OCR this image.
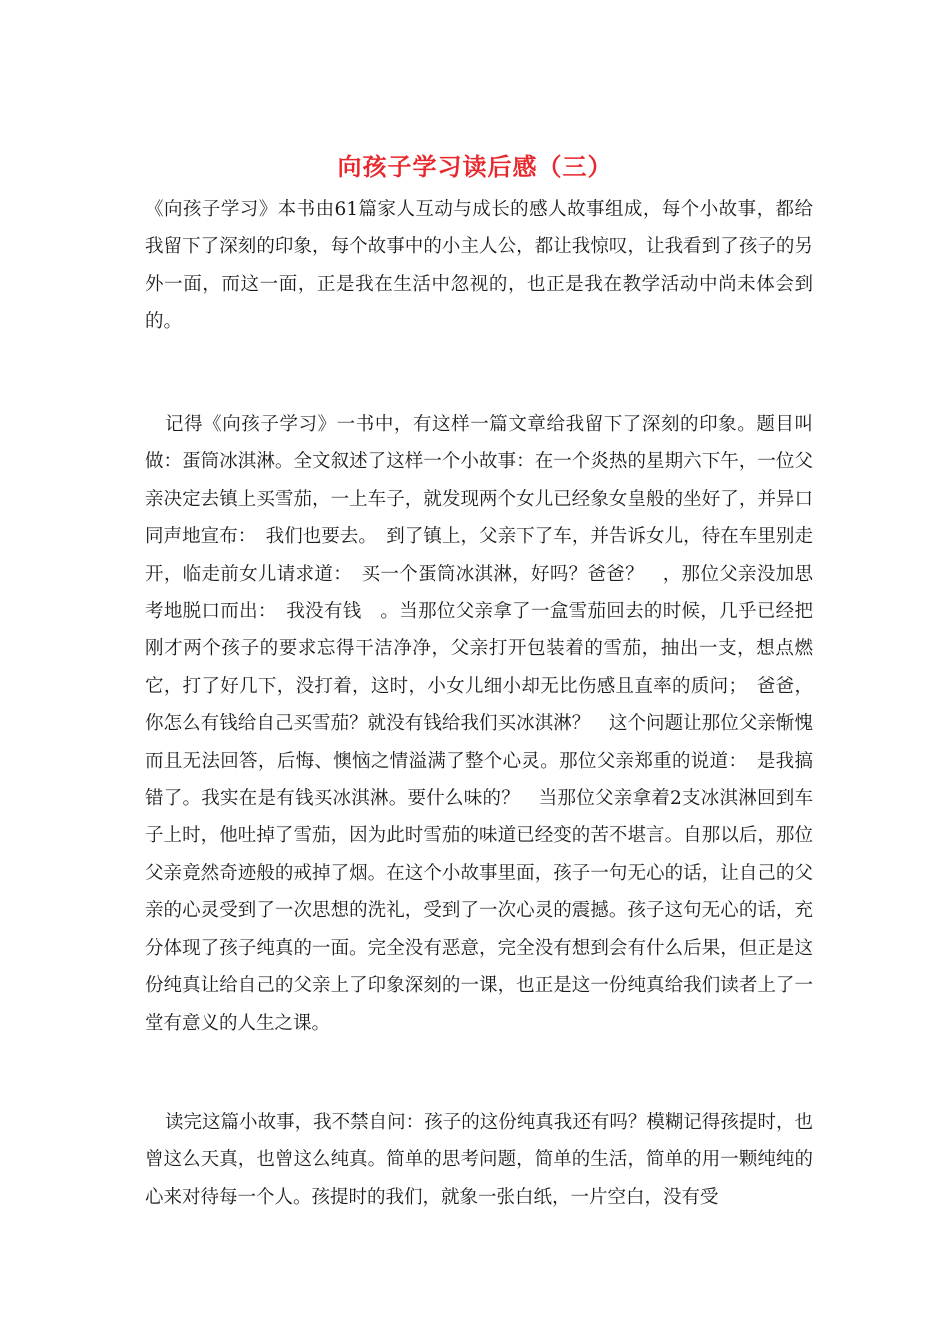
向孩子学习读后感（三）

《向孩子学习》本书由61篇家人互动与成长的感人故事组成，每个小故事，都给我留下了深刻的印象，每个故事中的小主人公，都让我惊叹，让我看到了孩子的另外一面，而这一面，正是我在生活中忽视的，也正是我在教学活动中尚未体会到的。

记得《向孩子学习》一书中，有这样一篇文章给我留下了深刻的印象。题目叫做：蛋筒冰淇淋。全文叙述了这样一个小故事：在一个炎热的星期六下午，一位父亲决定去镇上买雪茄，一上车子，就发现两个女儿已经象女皇般的坐好了，并异口同声地宣布：　我们也要去。　到了镇上，父亲下了车，并告诉女儿，待在车里别走开，临走前女儿请求道：　买一个蛋筒冰淇淋，好吗？爸爸？　，那位父亲没加思考地脱口而出：　我没有钱　。当那位父亲拿了一盒雪茄回去的时候，几乎已经把刚才两个孩子的要求忘得干洁净净，父亲打开包装着的雪茄，抽出一支，想点燃它，打了好几下，没打着，这时，小女儿细小却无比伤感且直率的质问；　爸爸，你怎么有钱给自己买雪茄？就没有钱给我们买冰淇淋？　这个问题让那位父亲惭愧而且无法回答，后悔、懊恼之情溢满了整个心灵。那位父亲郑重的说道：　是我搞错了。我实在是有钱买冰淇淋。要什么味的？　当那位父亲拿着2支冰淇淋回到车子上时，他吐掉了雪茄，因为此时雪茄的味道已经变的苦不堪言。自那以后，那位父亲竟然奇迹般的戒掉了烟。在这个小故事里面，孩子一句无心的话，让自己的父亲的心灵受到了一次思想的洗礼，受到了一次心灵的震撼。孩子这句无心的话，充分体现了孩子纯真的一面。完全没有恶意，完全没有想到会有什么后果，但正是这份纯真让给自己的父亲上了印象深刻的一课，也正是这一份纯真给我们读者上了一堂有意义的人生之课。

读完这篇小故事，我不禁自问：孩子的这份纯真我还有吗？模糊记得孩提时，也曾这么天真，也曾这么纯真。简单的思考问题，简单的生活，简单的用一颗纯纯的心来对待每一个人。孩提时的我们，就象一张白纸，一片空白，没有受
